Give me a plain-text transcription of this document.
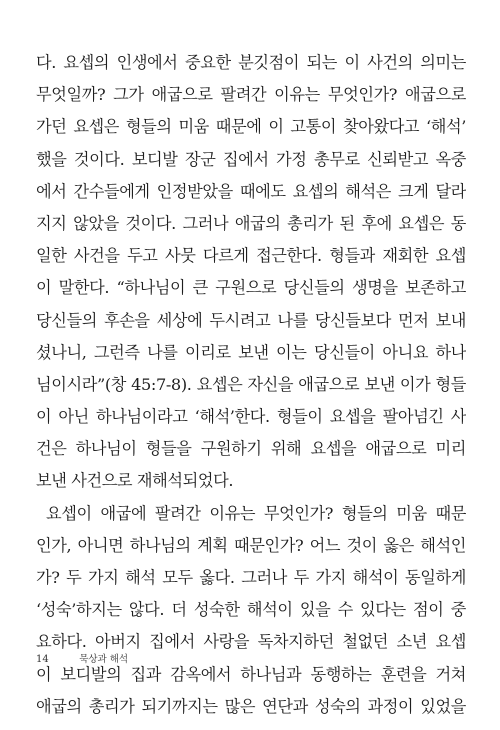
다. 요셉의 인생에서 중요한 분깃점이 되는 이 사건의 의미는
무엇일까? 그가 애굽으로 팔려간 이유는 무엇인가? 애굽으로
가던 요셉은 형들의 미움 때문에 이 고통이 찾아왔다고 ‘해석’
했을 것이다. 보디발 장군 집에서 가정 총무로 신뢰받고 옥중
에서 간수들에게 인정받았을 때에도 요셉의 해석은 크게 달라
지지 않았을 것이다. 그러나 애굽의 총리가 된 후에 요셉은 동
일한 사건을 두고 사뭇 다르게 접근한다. 형들과 재회한 요셉
이 말한다. “하나님이 큰 구원으로 당신들의 생명을 보존하고
당신들의 후손을 세상에 두시려고 나를 당신들보다 먼저 보내
셨나니, 그런즉 나를 이리로 보낸 이는 당신들이 아니요 하나
님이시라”(창 45:7-8). 요셉은 자신을 애굽으로 보낸 이가 형들
이 아닌 하나님이라고 ‘해석’한다. 형들이 요셉을 팔아넘긴 사
건은 하나님이 형들을 구원하기 위해 요셉을 애굽으로 미리
보낸 사건으로 재해석되었다.
요셉이 애굽에 팔려간 이유는 무엇인가? 형들의 미움 때문
인가, 아니면 하나님의 계획 때문인가? 어느 것이 옳은 해석인
가? 두 가지 해석 모두 옳다. 그러나 두 가지 해석이 동일하게
‘성숙’하지는 않다. 더 성숙한 해석이 있을 수 있다는 점이 중
요하다. 아버지 집에서 사랑을 독차지하던 철없던 소년 요셉
이 보디발의 집과 감옥에서 하나님과 동행하는 훈련을 거쳐
애굽의 총리가 되기까지는 많은 연단과 성숙의 과정이 있었을
14	묵상과 해석
